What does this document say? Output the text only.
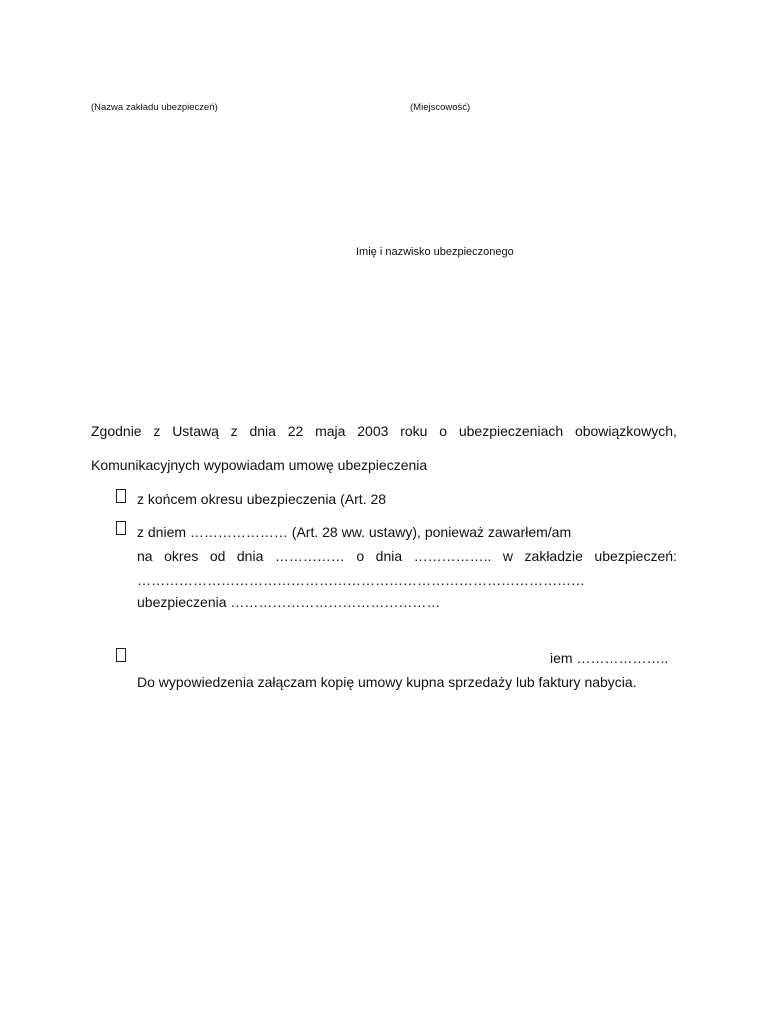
(Nazwa zakładu ubezpieczeń)	(Miejscowość)
Imię i nazwisko ubezpieczonego
Zgodnie z Ustawą z dnia 22 maja 2003 roku o ubezpieczeniach obowiązkowych,
Komunikacyjnych wypowiadam umowę ubezpieczenia
z końcem okresu ubezpieczenia (Art. 28
z dniem ………………… (Art. 28 ww. ustawy), ponieważ zawarłem/am
na okres od dnia …………… o dnia …………….. w zakładzie ubezpieczeń:
……………………………………………………………………………………
ubezpieczenia ………………………………………
iem ………………..
Do wypowiedzenia załączam kopię umowy kupna sprzedaży lub faktury nabycia.
